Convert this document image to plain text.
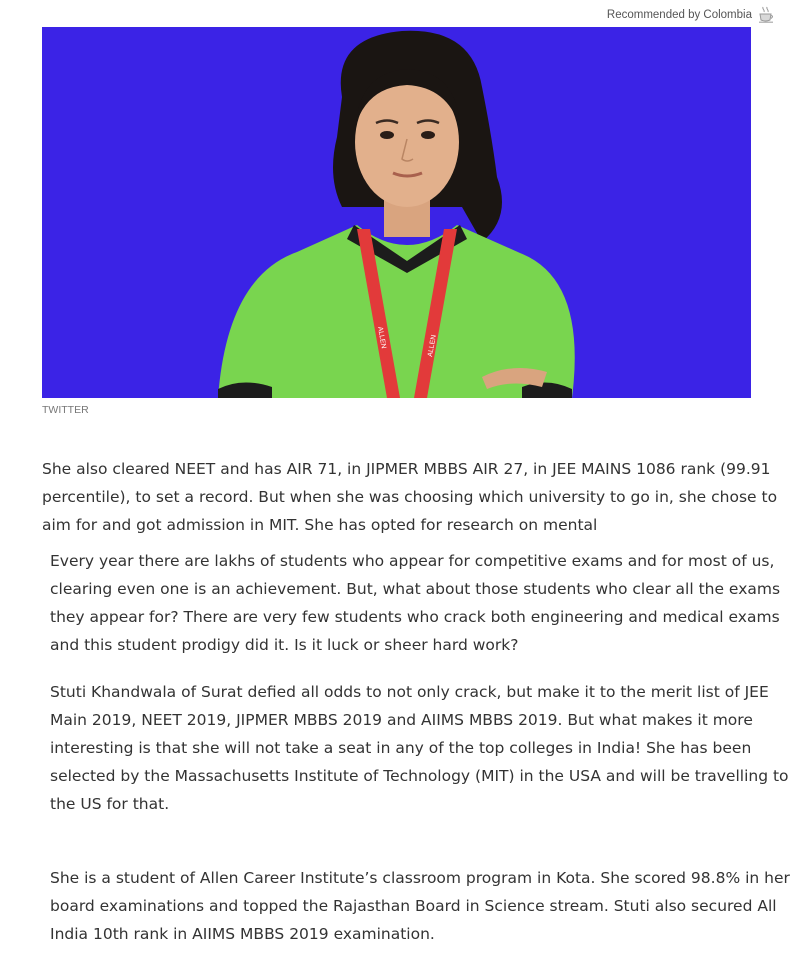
Recommended by Colombia
ALLEN	ALLEN
TWITTER

She also cleared NEET and has AIR 71, in JIPMER MBBS AIR 27, in JEE MAINS 1086 rank (99.91 percentile), to set a record. But when she was choosing which university to go in, she chose to aim for and got admission in MIT. She has opted for research on mental

Every year there are lakhs of students who appear for competitive exams and for most of us, clearing even one is an achievement. But, what about those students who clear all the exams they appear for? There are very few students who crack both engineering and medical exams and this student prodigy did it. Is it luck or sheer hard work?

Stuti Khandwala of Surat defied all odds to not only crack, but make it to the merit list of JEE Main 2019, NEET 2019, JIPMER MBBS 2019 and AIIMS MBBS 2019. But what makes it more interesting is that she will not take a seat in any of the top colleges in India! She has been selected by the Massachusetts Institute of Technology (MIT) in the USA and will be travelling to the US for that.

She is a student of Allen Career Institute’s classroom program in Kota. She scored 98.8% in her board examinations and topped the Rajasthan Board in Science stream. Stuti also secured All India 10th rank in AIIMS MBBS 2019 examination.
